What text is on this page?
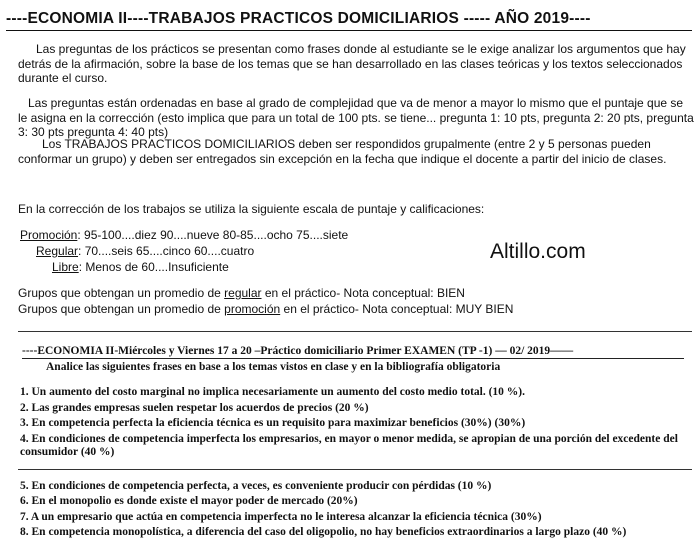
----ECONOMIA II----TRABAJOS PRACTICOS DOMICILIARIOS ----- AÑO 2019----
Las preguntas de los prácticos se presentan como frases donde al estudiante se le exige analizar los argumentos que hay detrás de la afirmación, sobre la base de los temas que se han desarrollado en las clases teóricas y los textos seleccionados durante el curso.
Las preguntas están ordenadas en base al grado de complejidad que va de menor a mayor lo mismo que el puntaje que se le asigna en la corrección (esto implica que para un total de 100 pts. se tiene... pregunta 1: 10 pts, pregunta 2: 20 pts, pregunta 3: 30 pts pregunta 4: 40 pts)
Los TRABAJOS PRACTICOS DOMICILIARIOS deben ser respondidos grupalmente (entre 2 y 5 personas pueden conformar un grupo) y deben ser entregados sin excepción en la fecha que indique el docente a partir del inicio de clases.
En la corrección de los trabajos se utiliza la siguiente escala de puntaje y calificaciones:
Promoción: 95-100....diez 90....nueve 80-85....ocho 75....siete
Regular: 70....seis 65....cinco 60....cuatro
Libre: Menos de 60....Insuficiente
Altillo.com
Grupos que obtengan un promedio de regular en el práctico- Nota conceptual: BIEN
Grupos que obtengan un promedio de promoción en el práctico- Nota conceptual: MUY BIEN
----ECONOMIA II-Miércoles y Viernes 17 a 20 –Práctico domiciliario Primer EXAMEN (TP -1) — 02/ 2019——
Analice las siguientes frases en base a los temas vistos en clase y en la bibliografía obligatoria
1. Un aumento del costo marginal no implica necesariamente un aumento del costo medio total. (10 %).
2. Las grandes empresas suelen respetar los acuerdos de precios (20 %)
3. En competencia perfecta la eficiencia técnica es un requisito para maximizar beneficios (30%) (30%)
4. En condiciones de competencia imperfecta los empresarios, en mayor o menor medida, se apropian de una porción del excedente del consumidor (40 %)
5. En condiciones de competencia perfecta, a veces, es conveniente producir con pérdidas (10 %)
6. En el monopolio es donde existe el mayor poder de mercado (20%)
7. A un empresario que actúa en competencia imperfecta no le interesa alcanzar la eficiencia técnica (30%)
8. En competencia monopolística, a diferencia del caso del oligopolio, no hay beneficios extraordinarios a largo plazo (40 %)
